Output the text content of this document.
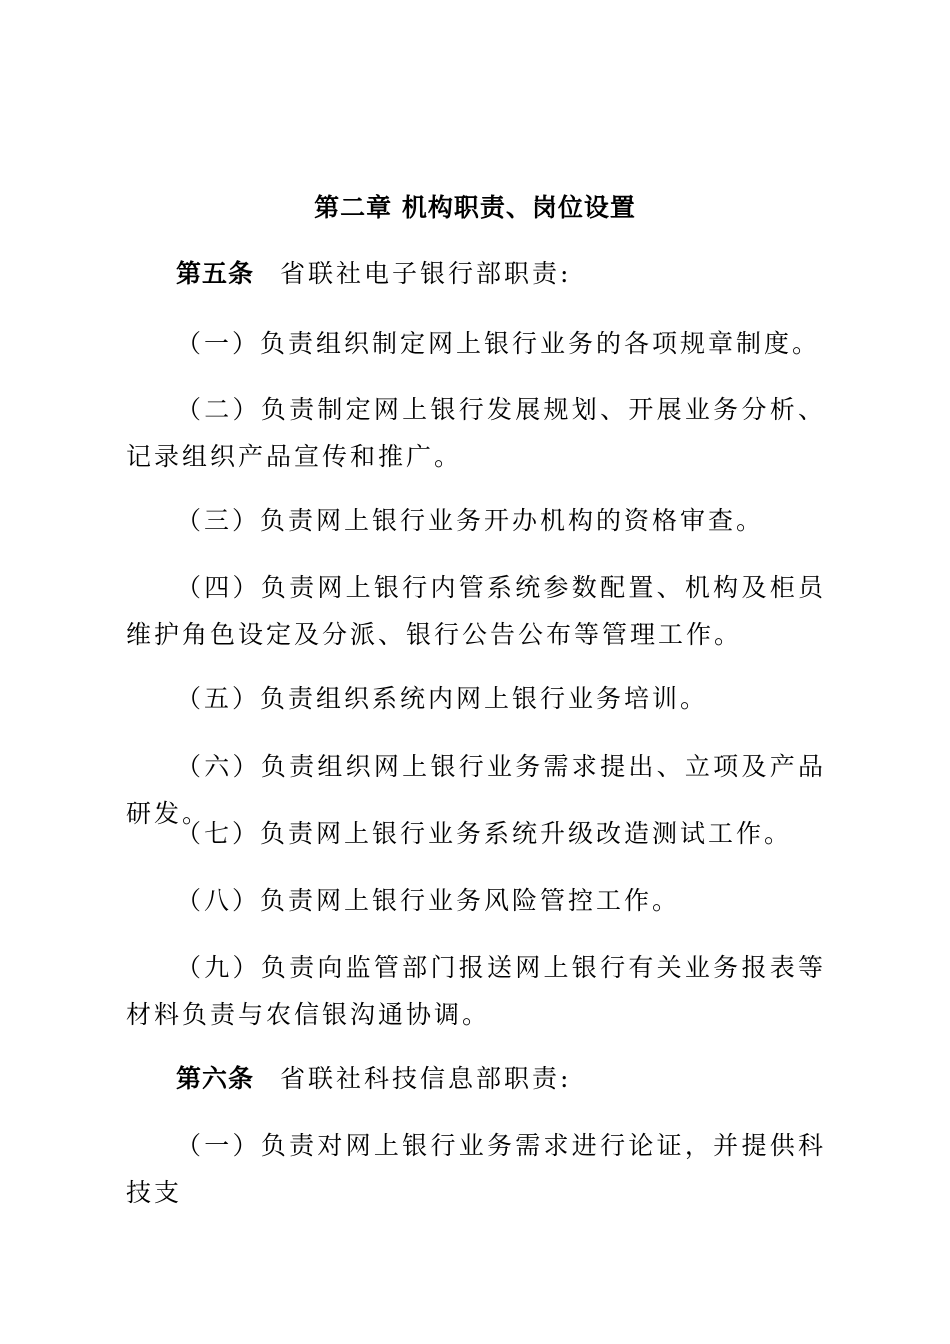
第二章 机构职责、岗位设置
第五条 省联社电子银行部职责:
（一）负责组织制定网上银行业务的各项规章制度。
（二）负责制定网上银行发展规划、开展业务分析、记录组织产品宣传和推广。
（三）负责网上银行业务开办机构的资格审查。
（四）负责网上银行内管系统参数配置、机构及柜员维护角色设定及分派、银行公告公布等管理工作。
（五）负责组织系统内网上银行业务培训。
（六）负责组织网上银行业务需求提出、立项及产品研发。
（七）负责网上银行业务系统升级改造测试工作。
（八）负责网上银行业务风险管控工作。
（九）负责向监管部门报送网上银行有关业务报表等材料负责与农信银沟通协调。
第六条 省联社科技信息部职责:
（一）负责对网上银行业务需求进行论证，并提供科技支
